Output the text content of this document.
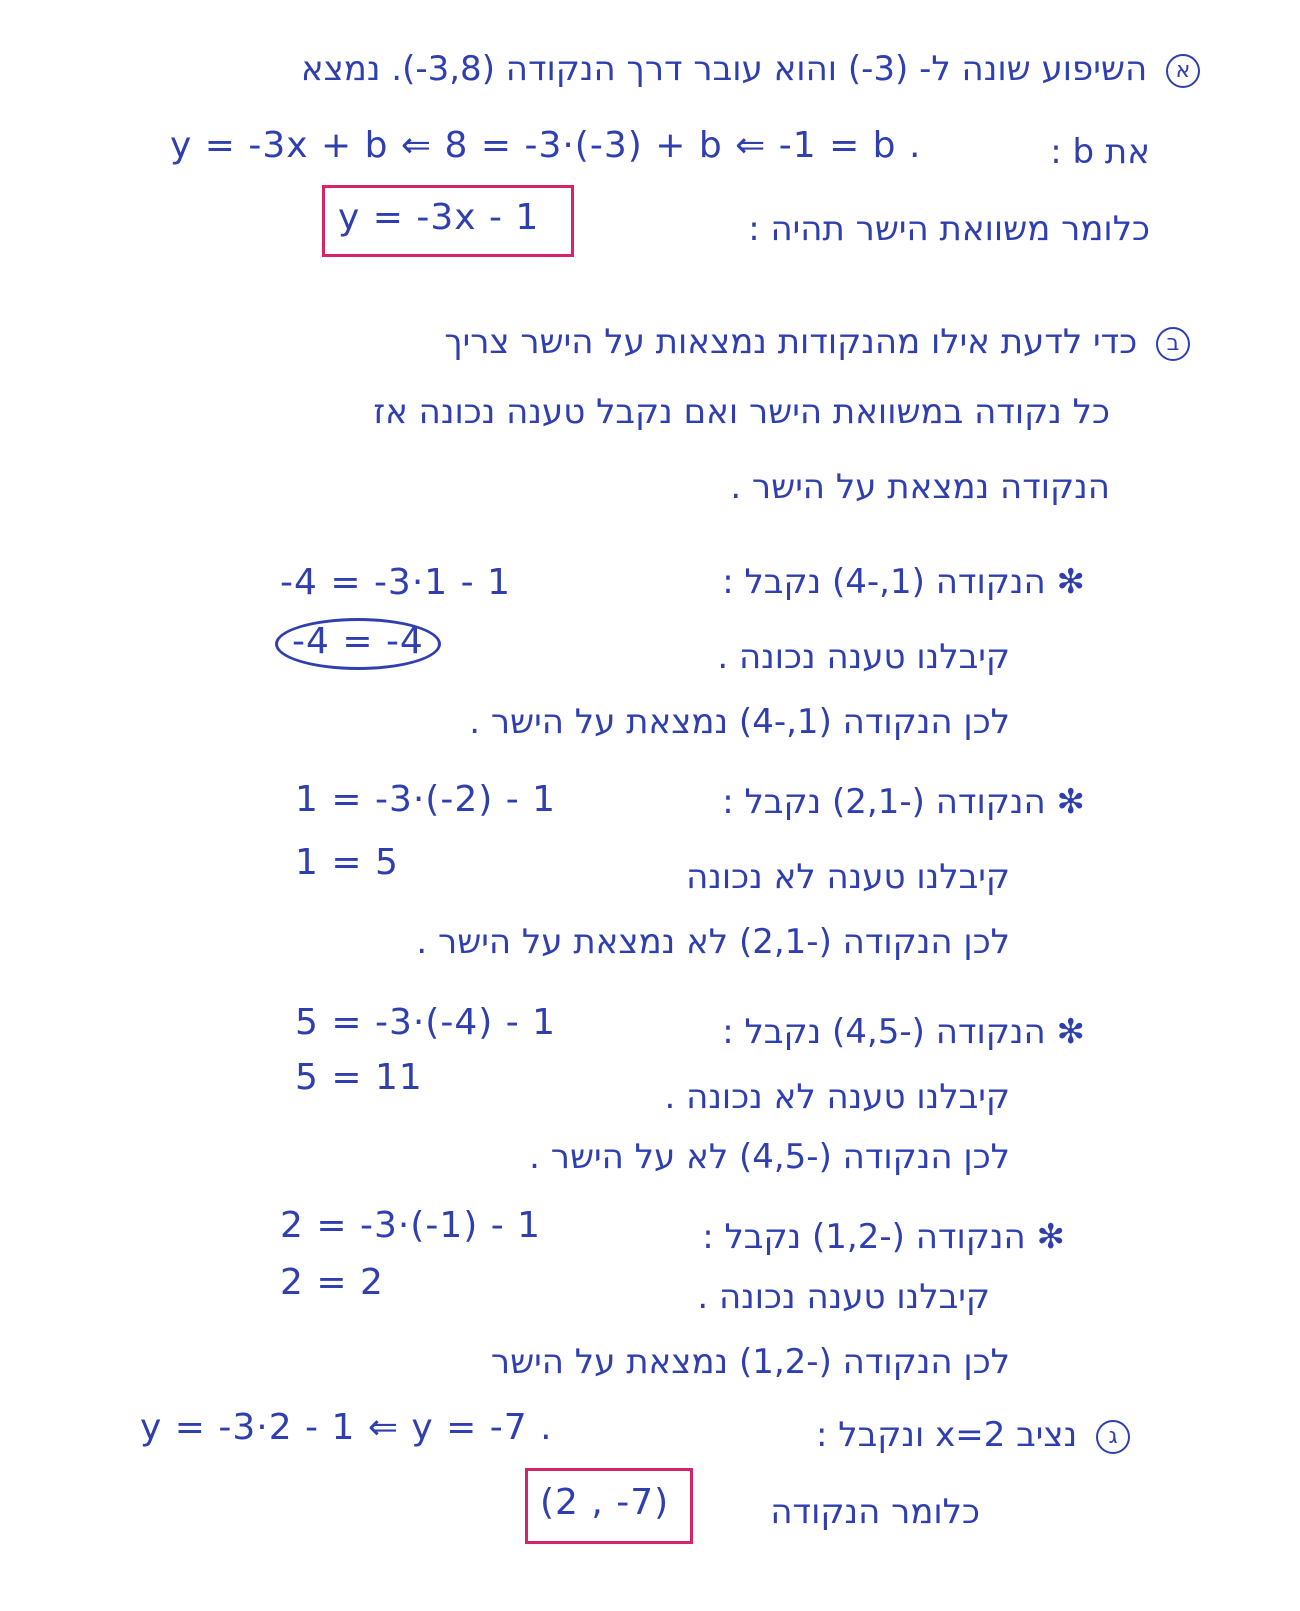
א השיפוע שונה ל- (3-) והוא עובר דרך הנקודה (3,8-). נמצא
את b :
y = -3x + b ⇐ 8 = -3·(-3) + b ⇐ -1 = b .
כלומר משוואת הישר תהיה :
y = -3x - 1
ב כדי לדעת אילו מהנקודות נמצאות על הישר צריך
כל נקודה במשוואת הישר ואם נקבל טענה נכונה אז
הנקודה נמצאת על הישר .
✻ הנקודה (1,-4) נקבל :
-4 = -3·1 - 1
-4 = -4	קיבלנו טענה נכונה .
לכן הנקודה (1,-4) נמצאת על הישר .
✻ הנקודה (-2,1) נקבל :
1 = -3·(-2) - 1
1 = 5	קיבלנו טענה לא נכונה
לכן הנקודה (-2,1) לא נמצאת על הישר .
✻ הנקודה (-4,5) נקבל :
5 = -3·(-4) - 1
5 = 11	קיבלנו טענה לא נכונה .
לכן הנקודה (-4,5) לא על הישר .
✻ הנקודה (-1,2) נקבל :
2 = -3·(-1) - 1
2 = 2	קיבלנו טענה נכונה .
לכן הנקודה (-1,2) נמצאת על הישר
ג נציב x=2 ונקבל :
y = -3·2 - 1 ⇐ y = -7 .
כלומר הנקודה
(2 , -7)
